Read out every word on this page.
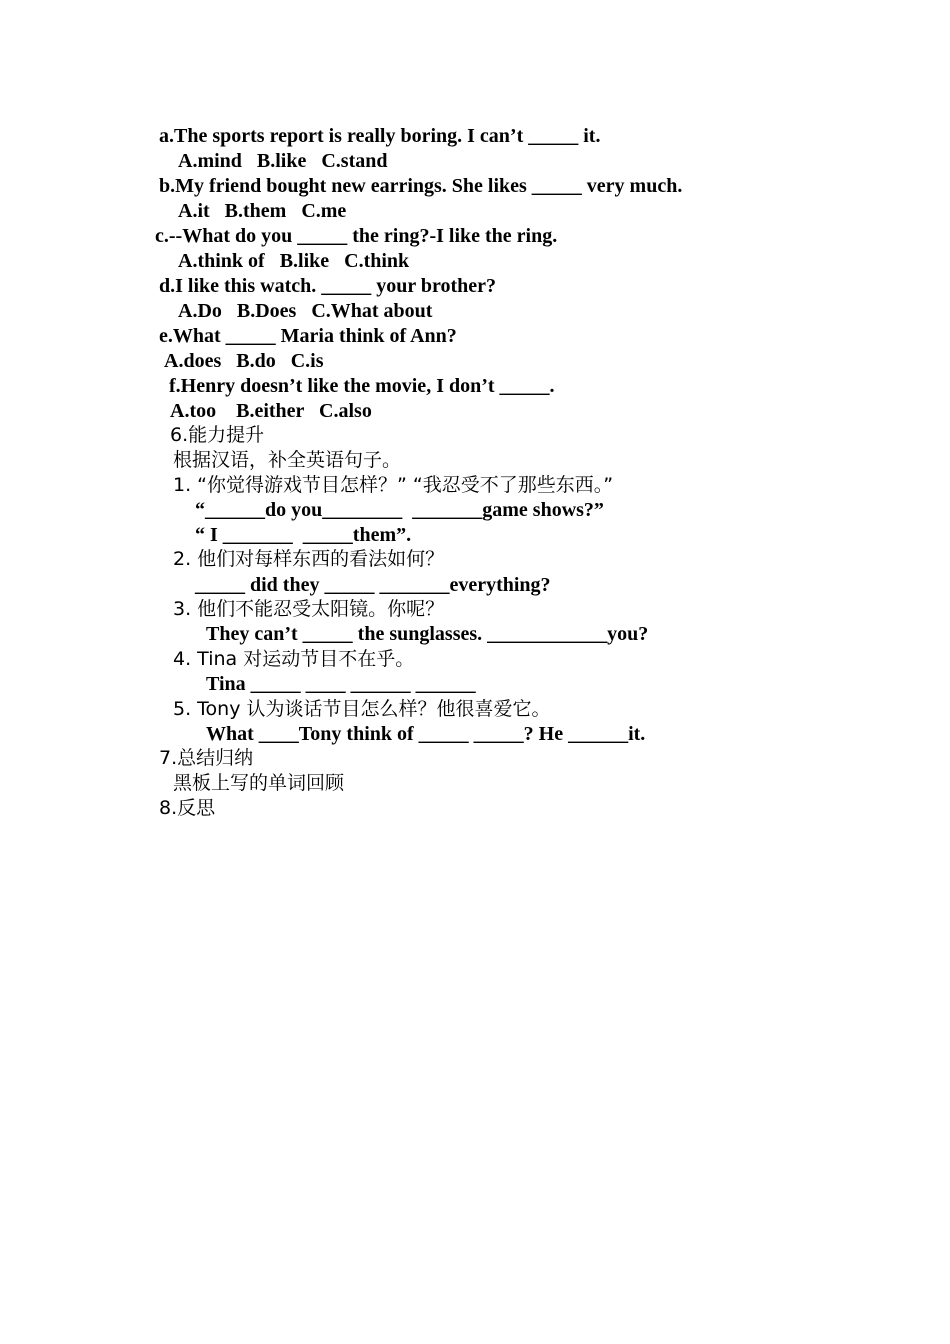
a.The sports report is really boring. I can’t _____ it.
A.mind   B.like   C.stand
b.My friend bought new earrings. She likes _____ very much.
A.it   B.them   C.me
c.--What do you _____ the ring?-I like the ring.
A.think of   B.like   C.think
d.I like this watch. _____ your brother?
A.Do   B.Does   C.What about
e.What _____ Maria think of Ann?
A.does   B.do   C.is
f.Henry doesn’t like the movie, I don’t _____.
A.too    B.either   C.also
6.能力提升
根据汉语，补全英语句子。
1. “你觉得游戏节目怎样？” “我忍受不了那些东西。”
“______do you________  _______game shows?”
“ I _______  _____them”.
2. 他们对每样东西的看法如何？
_____ did they _____ _______everything?
3. 他们不能忍受太阳镜。你呢？
They can’t _____ the sunglasses. ____________you?
4. Tina 对运动节目不在乎。
Tina _____ ____ ______ ______
5. Tony 认为谈话节目怎么样？他很喜爱它。
What ____Tony think of _____ _____? He ______it.
7.总结归纳
黑板上写的单词回顾
8.反思
